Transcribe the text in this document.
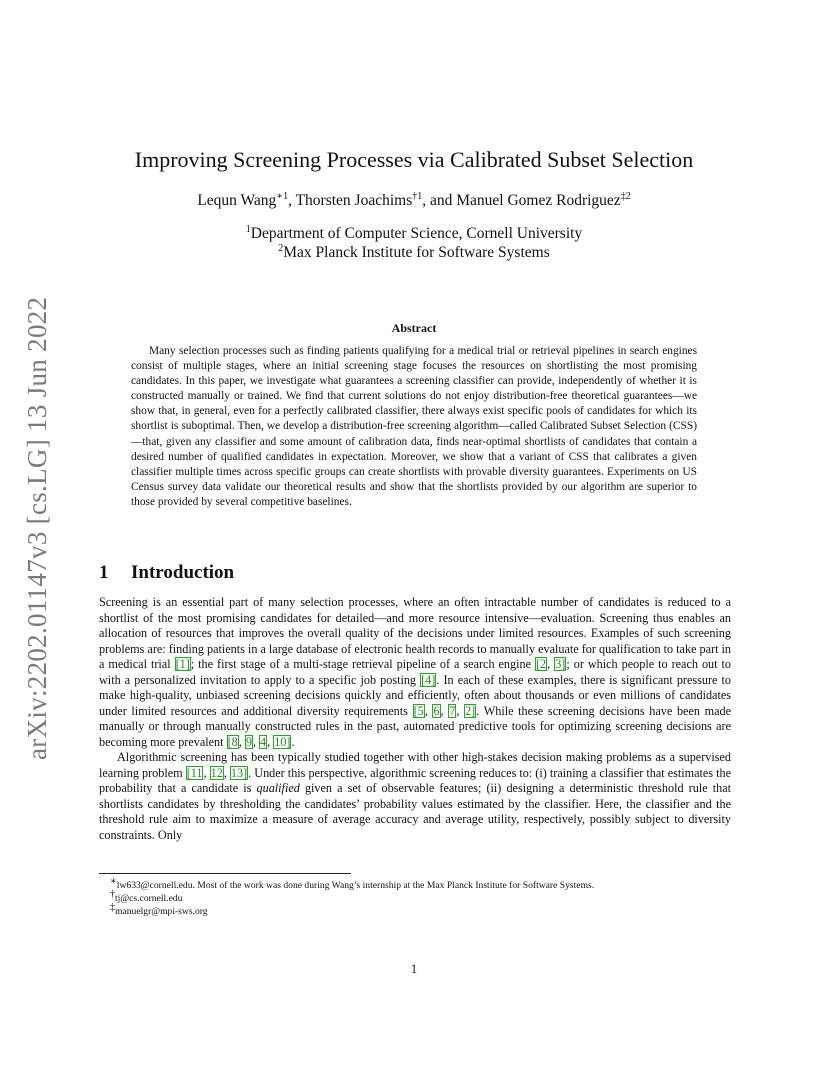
arXiv:2202.01147v3 [cs.LG] 13 Jun 2022
Improving Screening Processes via Calibrated Subset Selection
Lequn Wang$^{∗1}$, Thorsten Joachims$^{\dagger 1}$, and Manuel Gomez Rodriguez$^{\ddagger 2}$
$^1$Department of Computer Science, Cornell University
$^2$Max Planck Institute for Software Systems
Abstract

Many selection processes such as finding patients qualifying for a medical trial or retrieval pipelines in search engines consist of multiple stages, where an initial screening stage focuses the resources on shortlisting the most promising candidates. In this paper, we investigate what guarantees a screening classifier can provide, independently of whether it is constructed manually or trained. We find that current solutions do not enjoy distribution-free theoretical guarantees—we show that, in general, even for a perfectly calibrated classifier, there always exist specific pools of candidates for which its shortlist is suboptimal. Then, we develop a distribution-free screening algorithm—called Calibrated Subset Selection (CSS)—that, given any classifier and some amount of calibration data, finds near-optimal shortlists of candidates that contain a desired number of qualified candidates in expectation. Moreover, we show that a variant of CSS that calibrates a given classifier multiple times across specific groups can create shortlists with provable diversity guarantees. Experiments on US Census survey data validate our theoretical results and show that the shortlists provided by our algorithm are superior to those provided by several competitive baselines.

1 Introduction

Screening is an essential part of many selection processes, where an often intractable number of candidates is reduced to a shortlist of the most promising candidates for detailed—and more resource intensive—evaluation. Screening thus enables an allocation of resources that improves the overall quality of the decisions under limited resources. Examples of such screening problems are: finding patients in a large database of electronic health records to manually evaluate for qualification to take part in a medical trial [1]; the first stage of a multi-stage retrieval pipeline of a search engine [2, 3]; or which people to reach out to with a personalized invitation to apply to a specific job posting [4]. In each of these examples, there is significant pressure to make high-quality, unbiased screening decisions quickly and efficiently, often about thousands or even millions of candidates under limited resources and additional diversity requirements [5, 6, 7, 2]. While these screening decisions have been made manually or through manually constructed rules in the past, automated predictive tools for optimizing screening decisions are becoming more prevalent [8, 9, 4, 10].

Algorithmic screening has been typically studied together with other high-stakes decision making problems as a supervised learning problem [11, 12, 13]. Under this perspective, algorithmic screening reduces to: (i) training a classifier that estimates the probability that a candidate is qualified given a set of observable features; (ii) designing a deterministic threshold rule that shortlists candidates by thresholding the candidates’ probability values estimated by the classifier. Here, the classifier and the threshold rule aim to maximize a measure of average accuracy and average utility, respectively, possibly subject to diversity constraints. Only

∗lw633@cornell.edu. Most of the work was done during Wang’s internship at the Max Planck Institute for Software Systems.
†tj@cs.cornell.edu
‡manuelgr@mpi-sws.org
1
